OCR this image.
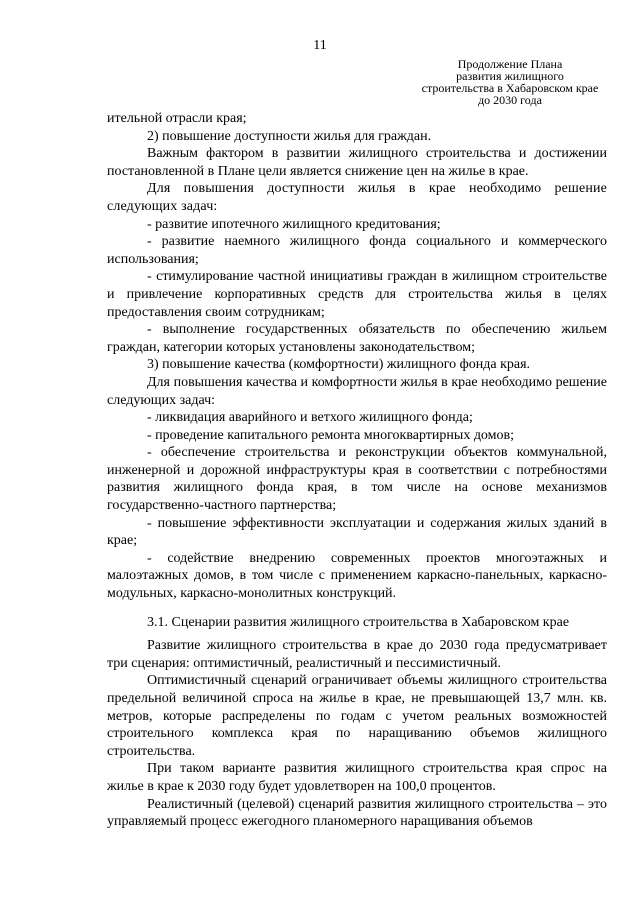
11
Продолжение Плана
развития жилищного
строительства в Хабаровском крае
до 2030 года

ительной отрасли края;

2) повышение доступности жилья для граждан.

Важным фактором в развитии жилищного строительства и достижении постановленной в Плане цели является снижение цен на жилье в крае.

Для повышения доступности жилья в крае необходимо решение следующих задач:

- развитие ипотечного жилищного кредитования;

- развитие наемного жилищного фонда социального и коммерческого использования;

- стимулирование частной инициативы граждан в жилищном строительстве и привлечение корпоративных средств для строительства жилья в целях предоставления своим сотрудникам;

- выполнение государственных обязательств по обеспечению жильем граждан, категории которых установлены законодательством;

3) повышение качества (комфортности) жилищного фонда края.

Для повышения качества и комфортности жилья в крае необходимо решение следующих задач:

- ликвидация аварийного и ветхого жилищного фонда;

- проведение капитального ремонта многоквартирных домов;

- обеспечение строительства и реконструкции объектов коммунальной, инженерной и дорожной инфраструктуры края в соответствии с потребностями развития жилищного фонда края, в том числе на основе механизмов государственно-частного партнерства;

- повышение эффективности эксплуатации и содержания жилых зданий в крае;

- содействие внедрению современных проектов многоэтажных и малоэтажных домов, в том числе с применением каркасно-панельных, каркасно-модульных, каркасно-монолитных конструкций.

3.1. Сценарии развития жилищного строительства в Хабаровском крае

Развитие жилищного строительства в крае до 2030 года предусматривает три сценария: оптимистичный, реалистичный и пессимистичный.

Оптимистичный сценарий ограничивает объемы жилищного строительства предельной величиной спроса на жилье в крае, не превышающей 13,7 млн. кв. метров, которые распределены по годам с учетом реальных возможностей строительного комплекса края по наращиванию объемов жилищного строительства.

При таком варианте развития жилищного строительства края спрос на жилье в крае к 2030 году будет удовлетворен на 100,0 процентов.

Реалистичный (целевой) сценарий развития жилищного строительства – это управляемый процесс ежегодного планомерного наращивания объемов
